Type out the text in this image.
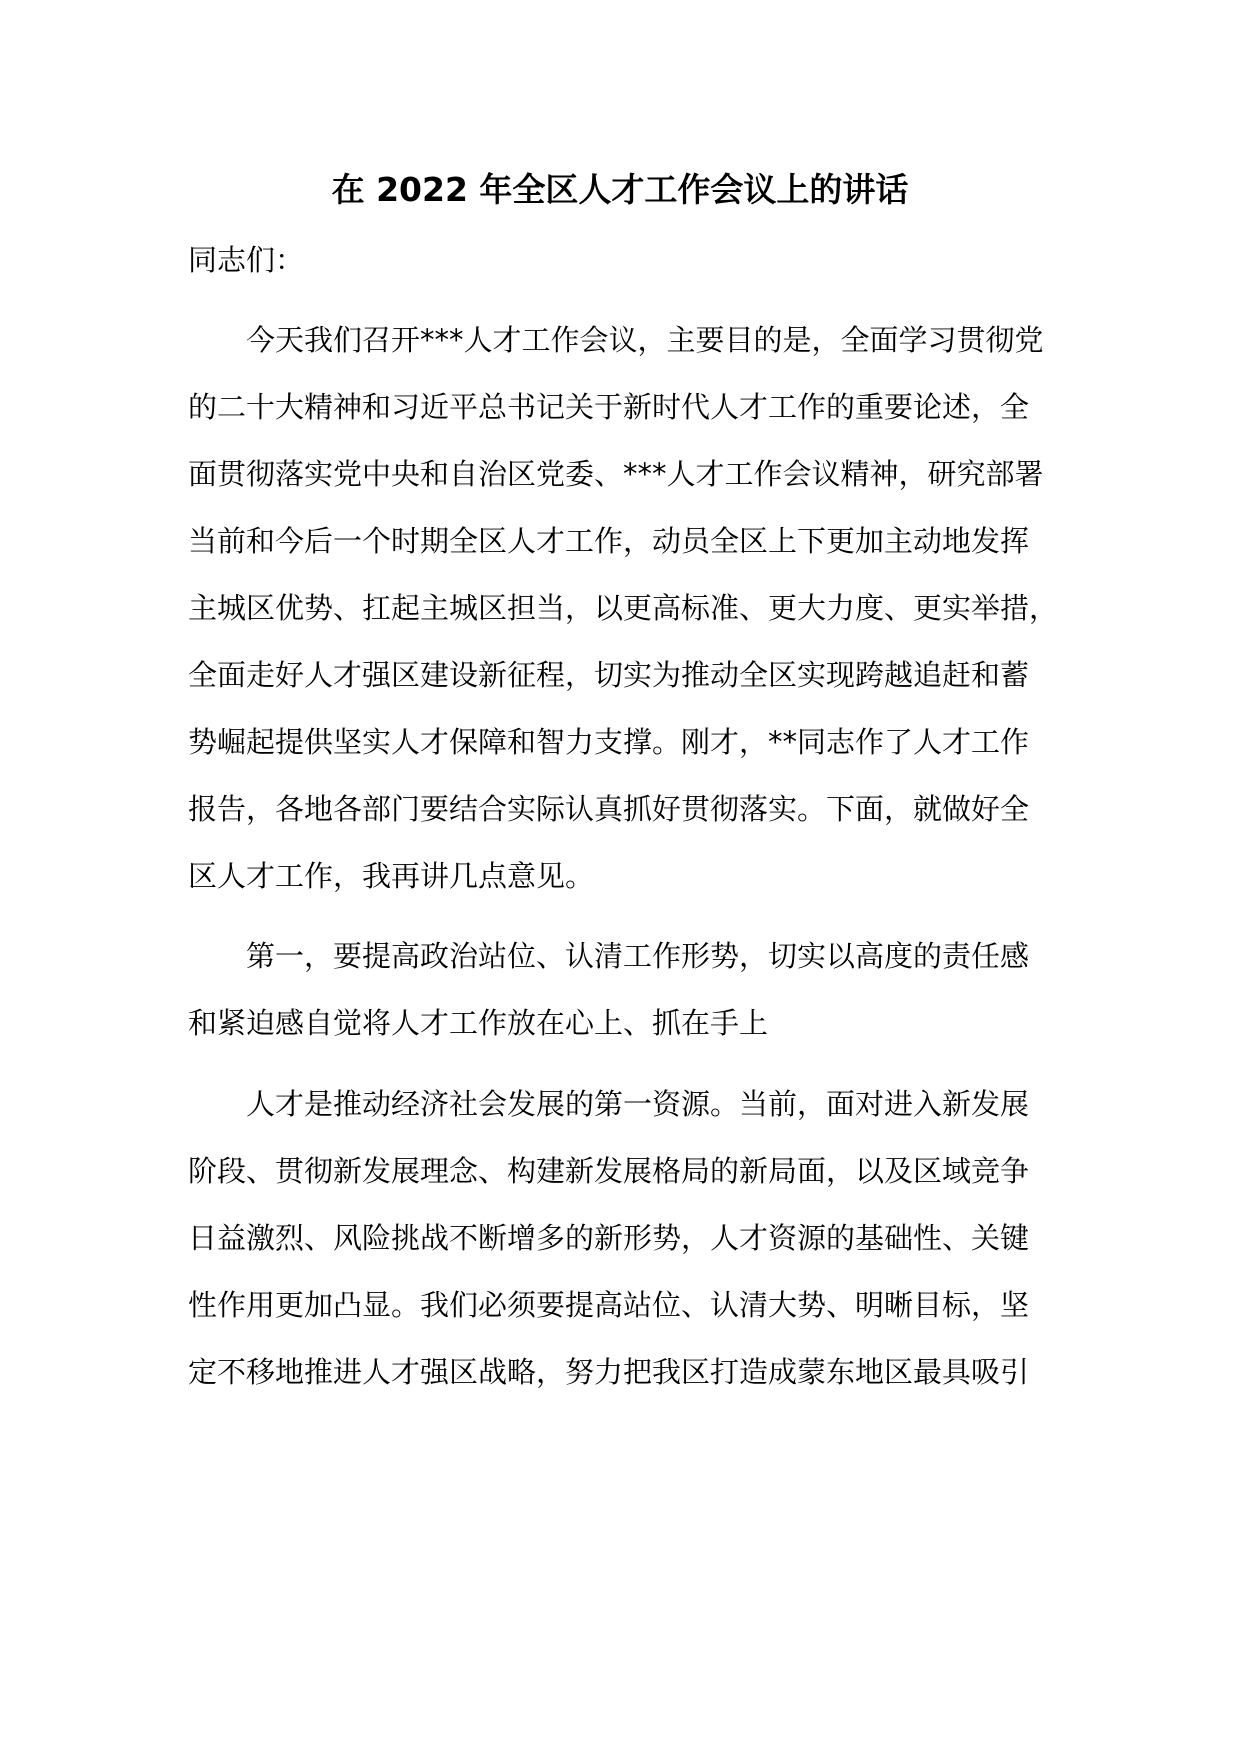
在 2022 年全区人才工作会议上的讲话
同志们：
今天我们召开***人才工作会议，主要目的是，全面学习贯彻党
的二十大精神和习近平总书记关于新时代人才工作的重要论述，全
面贯彻落实党中央和自治区党委、***人才工作会议精神，研究部署
当前和今后一个时期全区人才工作，动员全区上下更加主动地发挥
主城区优势、扛起主城区担当，以更高标准、更大力度、更实举措，
全面走好人才强区建设新征程，切实为推动全区实现跨越追赶和蓄
势崛起提供坚实人才保障和智力支撑。刚才，**同志作了人才工作
报告，各地各部门要结合实际认真抓好贯彻落实。下面，就做好全
区人才工作，我再讲几点意见。
第一，要提高政治站位、认清工作形势，切实以高度的责任感
和紧迫感自觉将人才工作放在心上、抓在手上
人才是推动经济社会发展的第一资源。当前，面对进入新发展
阶段、贯彻新发展理念、构建新发展格局的新局面，以及区域竞争
日益激烈、风险挑战不断增多的新形势，人才资源的基础性、关键
性作用更加凸显。我们必须要提高站位、认清大势、明晰目标，坚
定不移地推进人才强区战略，努力把我区打造成蒙东地区最具吸引
